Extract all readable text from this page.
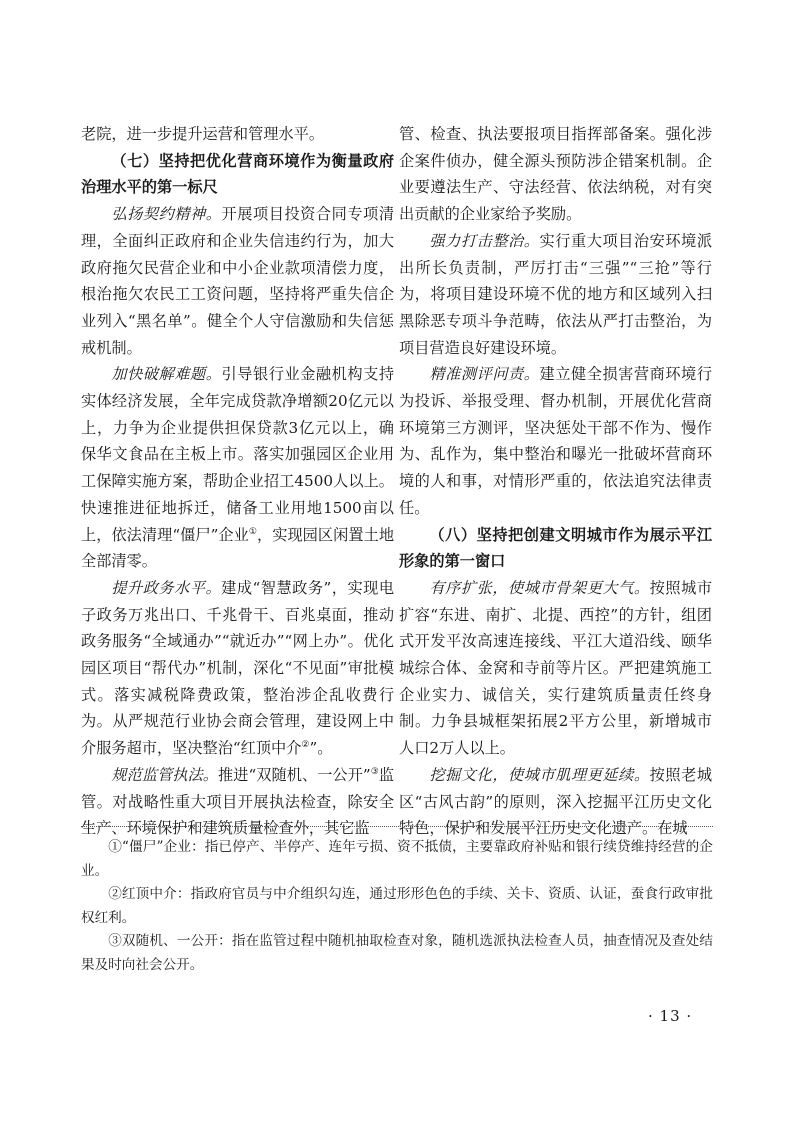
老院，进一步提升运营和管理水平。

（七）坚持把优化营商环境作为衡量政府治理水平的第一标尺

弘扬契约精神。开展项目投资合同专项清理，全面纠正政府和企业失信违约行为，加大政府拖欠民营企业和中小企业款项清偿力度，根治拖欠农民工工资问题，坚持将严重失信企业列入“黑名单”。健全个人守信激励和失信惩戒机制。

加快破解难题。引导银行业金融机构支持实体经济发展，全年完成贷款净增额20亿元以上，力争为企业提供担保贷款3亿元以上，确保华文食品在主板上市。落实加强园区企业用工保障实施方案，帮助企业招工4500人以上。快速推进征地拆迁，储备工业用地1500亩以上，依法清理“僵尸”企业①，实现园区闲置土地全部清零。

提升政务水平。建成“智慧政务”，实现电子政务万兆出口、千兆骨干、百兆桌面，推动政务服务“全域通办”“就近办”“网上办”。优化园区项目“帮代办”机制，深化“不见面”审批模式。落实减税降费政策，整治涉企乱收费行为。从严规范行业协会商会管理，建设网上中介服务超市，坚决整治“红顶中介②”。

规范监管执法。推进“双随机、一公开”③监管。对战略性重大项目开展执法检查，除安全生产、环境保护和建筑质量检查外，其它监

管、检查、执法要报项目指挥部备案。强化涉企案件侦办，健全源头预防涉企错案机制。企业要遵法生产、守法经营、依法纳税，对有突出贡献的企业家给予奖励。

强力打击整治。实行重大项目治安环境派出所长负责制，严厉打击“三强”“三抢”等行为，将项目建设环境不优的地方和区域列入扫黑除恶专项斗争范畴，依法从严打击整治，为项目营造良好建设环境。

精准测评问责。建立健全损害营商环境行为投诉、举报受理、督办机制，开展优化营商环境第三方测评，坚决惩处干部不作为、慢作为、乱作为，集中整治和曝光一批破坏营商环境的人和事，对情形严重的，依法追究法律责任。

（八）坚持把创建文明城市作为展示平江形象的第一窗口

有序扩张，使城市骨架更大气。按照城市扩容“东进、南扩、北提、西控”的方针，组团式开发平汝高速连接线、平江大道沿线、颐华城综合体、金窝和寺前等片区。严把建筑施工企业实力、诚信关，实行建筑质量责任终身制。力争县城框架拓展2平方公里，新增城市人口2万人以上。

挖掘文化，使城市肌理更延续。按照老城区“古风古韵”的原则，深入挖掘平江历史文化特色，保护和发展平江历史文化遗产。在城

①“僵尸”企业：指已停产、半停产、连年亏损、资不抵债，主要靠政府补贴和银行续贷维持经营的企业。

②红顶中介：指政府官员与中介组织勾连，通过形形色色的手续、关卡、资质、认证，蚕食行政审批权红利。

③双随机、一公开：指在监管过程中随机抽取检查对象，随机选派执法检查人员，抽查情况及查处结果及时向社会公开。

· 13 ·
